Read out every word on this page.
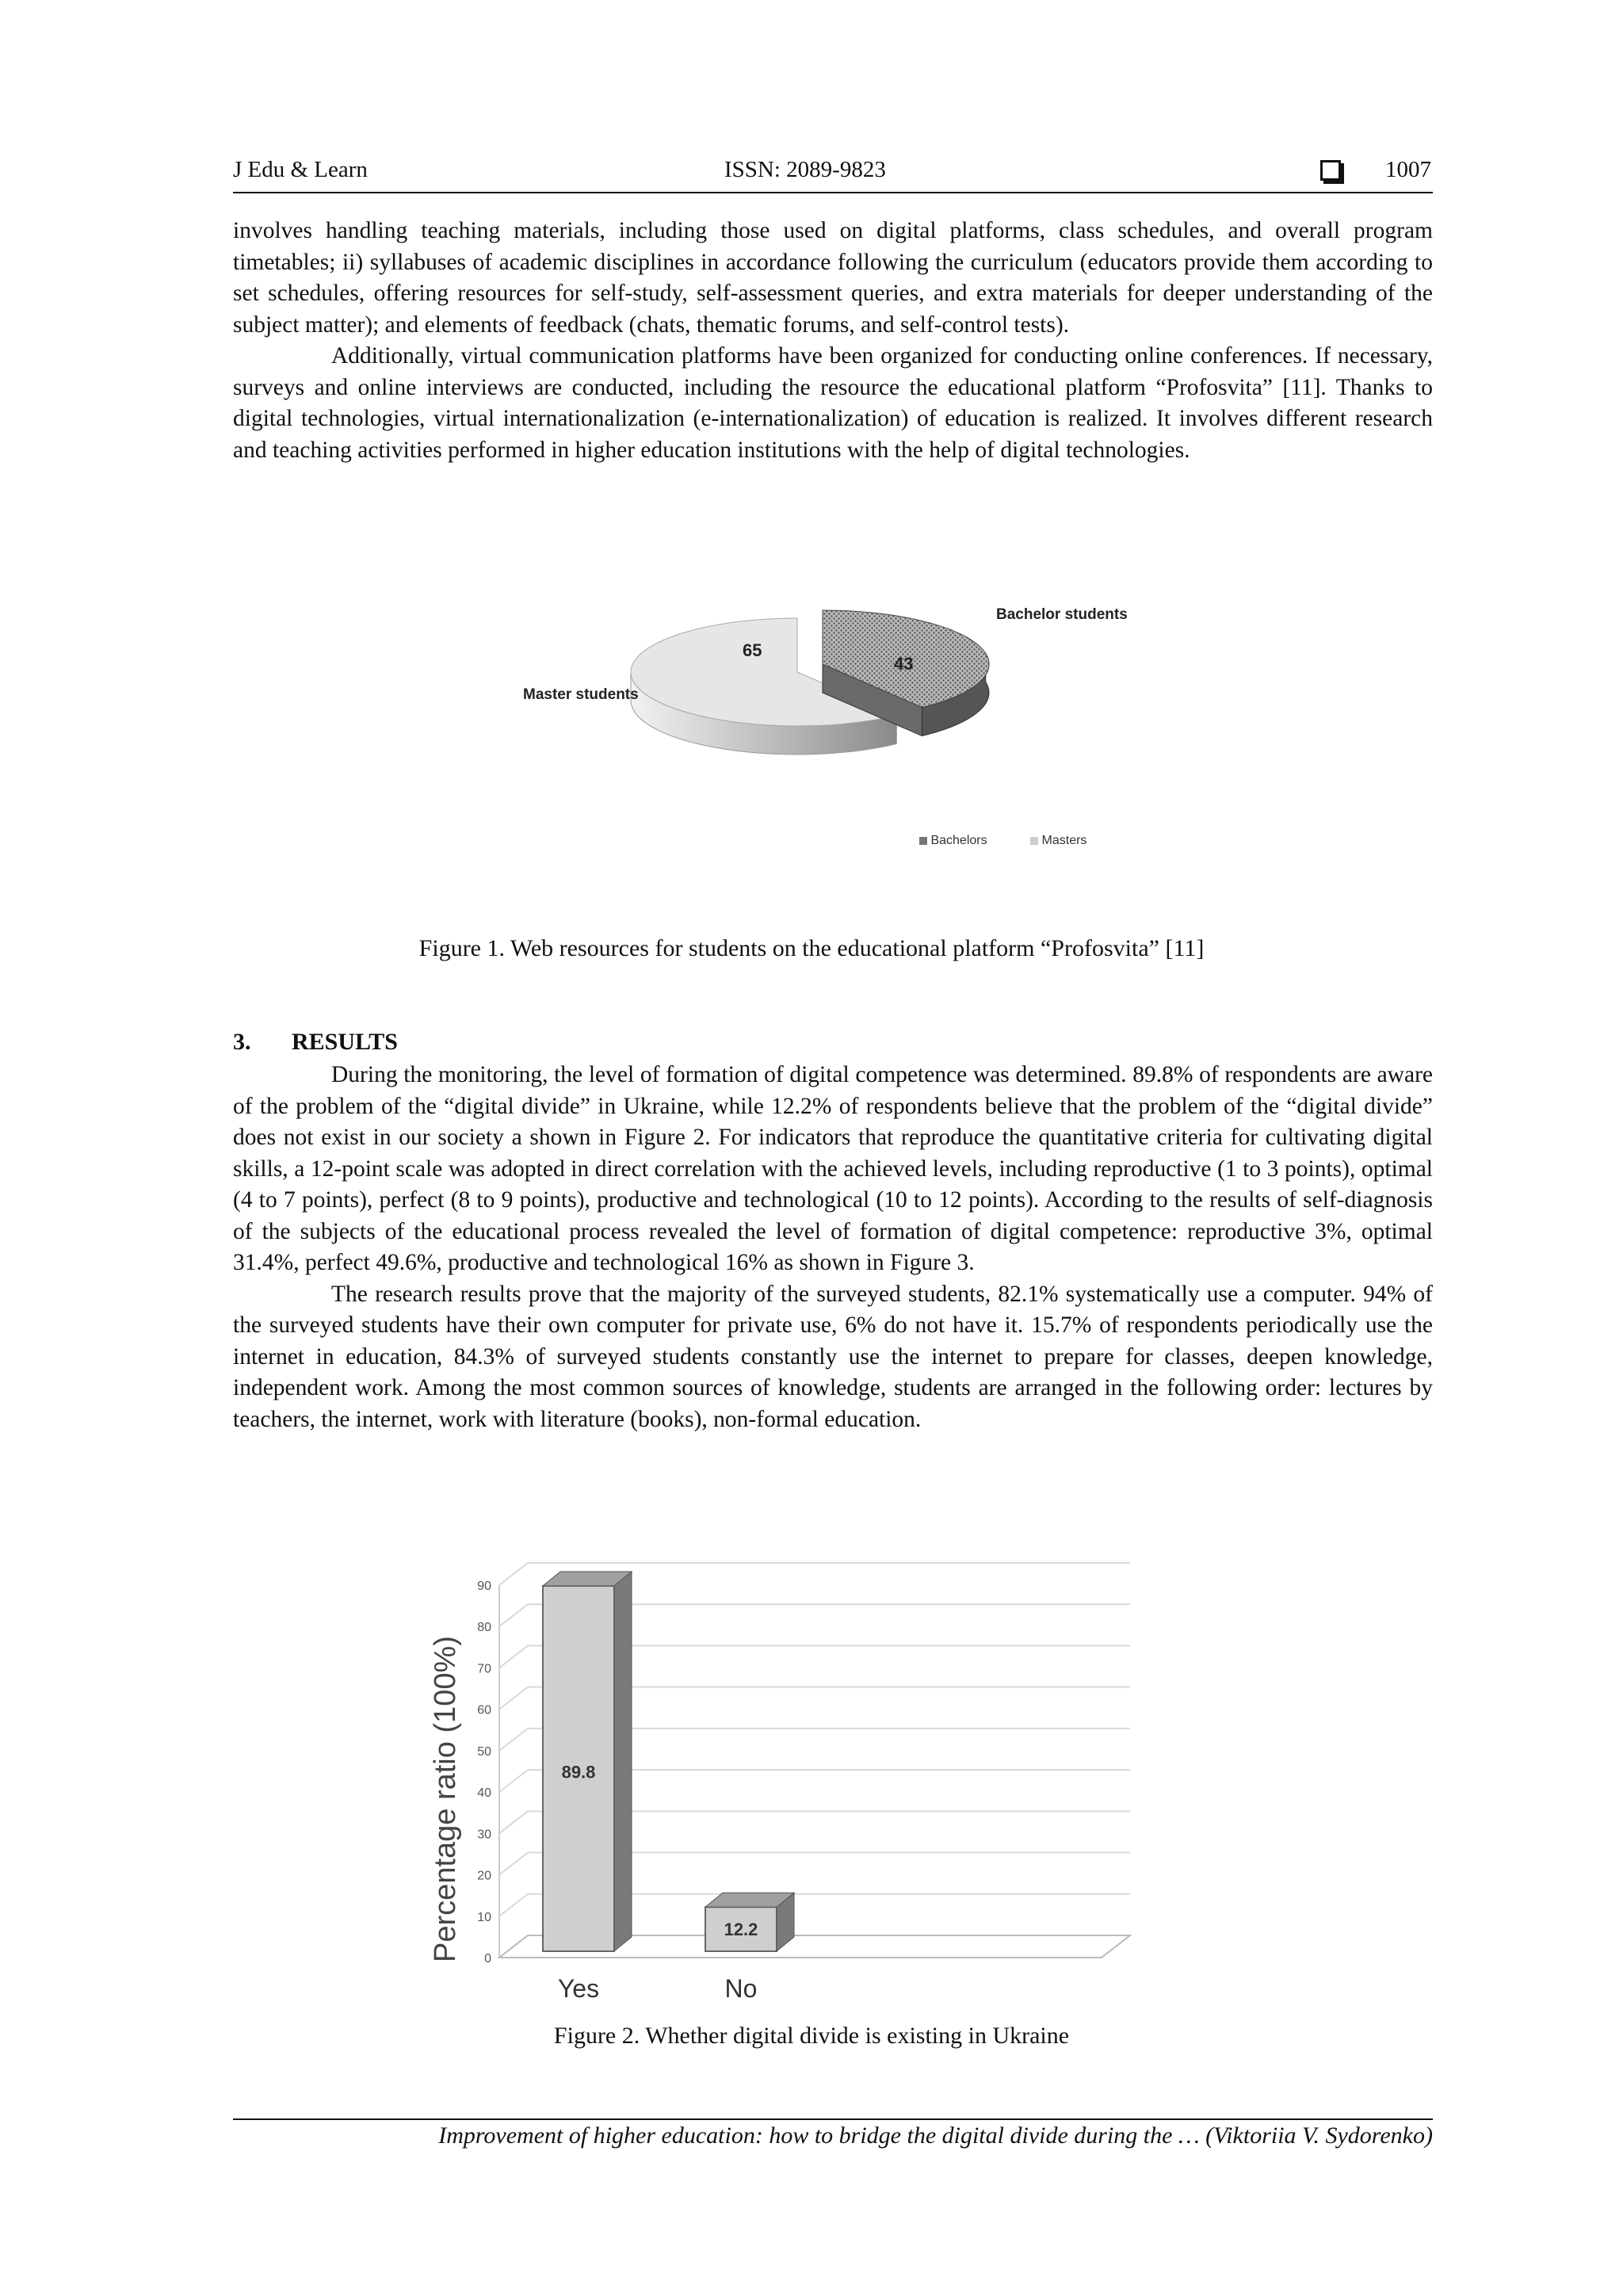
J Edu & Learn	ISSN: 2089-9823	1007

involves handling teaching materials, including those used on digital platforms, class schedules, and overall program timetables; ii) syllabuses of academic disciplines in accordance following the curriculum (educators provide them according to set schedules, offering resources for self-study, self-assessment queries, and extra materials for deeper understanding of the subject matter); and elements of feedback (chats, thematic forums, and self-control tests).

Additionally, virtual communication platforms have been organized for conducting online conferences. If necessary, surveys and online interviews are conducted, including the resource the educational platform “Profosvita” [11]. Thanks to digital technologies, virtual internationalization (e-internationalization) of education is realized. It involves different research and teaching activities performed in higher education institutions with the help of digital technologies.

Bachelor students
Master students
65
43
Bachelors	Masters
Figure 1. Web resources for students on the educational platform “Profosvita” [11]
3. RESULTS

During the monitoring, the level of formation of digital competence was determined. 89.8% of respondents are aware of the problem of the “digital divide” in Ukraine, while 12.2% of respondents believe that the problem of the “digital divide” does not exist in our society a shown in Figure 2. For indicators that reproduce the quantitative criteria for cultivating digital skills, a 12-point scale was adopted in direct correlation with the achieved levels, including reproductive (1 to 3 points), optimal (4 to 7 points), perfect (8 to 9 points), productive and technological (10 to 12 points). According to the results of self-diagnosis of the subjects of the educational process revealed the level of formation of digital competence: reproductive 3%, optimal 31.4%, perfect 49.6%, productive and technological 16% as shown in Figure 3.

The research results prove that the majority of the surveyed students, 82.1% systematically use a computer. 94% of the surveyed students have their own computer for private use, 6% do not have it. 15.7% of respondents periodically use the internet in education, 84.3% of surveyed students constantly use the internet to prepare for classes, deepen knowledge, independent work. Among the most common sources of knowledge, students are arranged in the following order: lectures by teachers, the internet, work with literature (books), non-formal education.

0
10
20
30
40
50
60
70
80
90
89.8
Yes
12.2
No
Percentage ratio (100%)
Figure 2. Whether digital divide is existing in Ukraine
Improvement of higher education: how to bridge the digital divide during the … (Viktoriia V. Sydorenko)
